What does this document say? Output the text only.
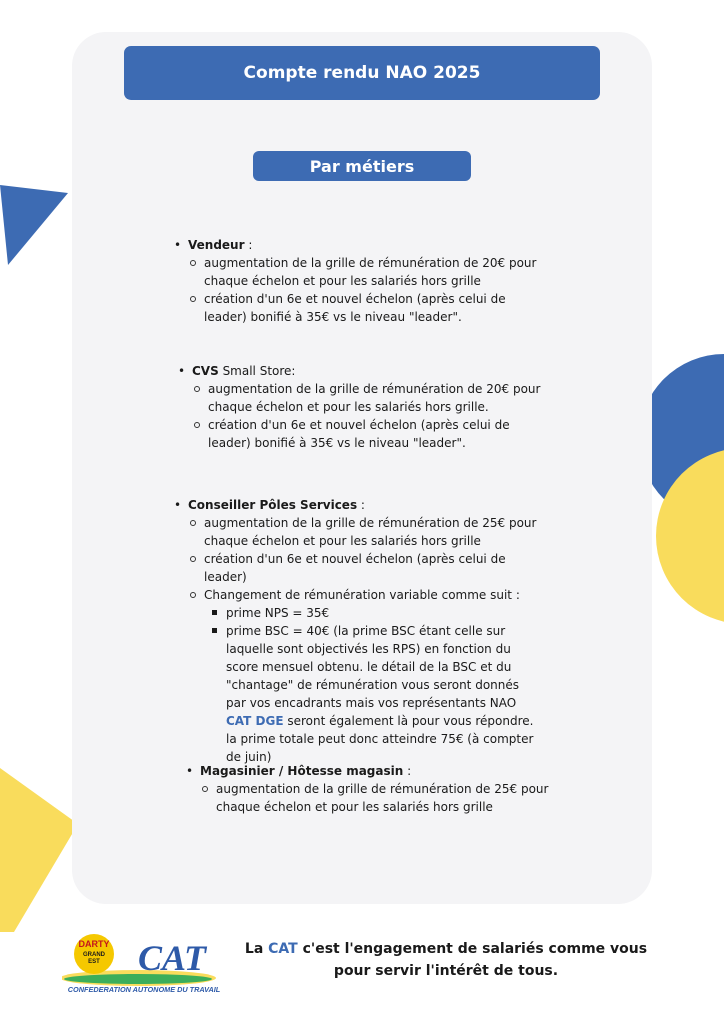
Compte rendu NAO 2025
Par métiers
• Vendeur :
augmentation de la grille de rémunération de 20€ pour chaque échelon et pour les salariés hors grille
création d'un 6e et nouvel échelon (après celui de leader) bonifié à 35€ vs le niveau "leader".
• CVS Small Store:
augmentation de la grille de rémunération de 20€ pour chaque échelon et pour les salariés hors grille.
création d'un 6e et nouvel échelon (après celui de leader) bonifié à 35€ vs le niveau "leader".
• Conseiller Pôles Services :
augmentation de la grille de rémunération de 25€ pour chaque échelon et pour les salariés hors grille
création d'un 6e et nouvel échelon (après celui de leader)
Changement de rémunération variable comme suit :
prime NPS = 35€
prime BSC = 40€ (la prime BSC étant celle sur laquelle sont objectivés les RPS) en fonction du score mensuel obtenu. le détail de la BSC et du "chantage" de rémunération vous seront donnés par vos encadrants mais vos représentants NAO CAT DGE seront également là pour vous répondre. la prime totale peut donc atteindre 75€ (à compter de juin)
• Magasinier / Hôtesse magasin :
augmentation de la grille de rémunération de 25€ pour chaque échelon et pour les salariés hors grille
DARTY
GRAND
EST CAT
CONFEDERATION AUTONOME DU TRAVAIL
La CAT c'est l'engagement de salariés comme vous
pour servir l'intérêt de tous.
